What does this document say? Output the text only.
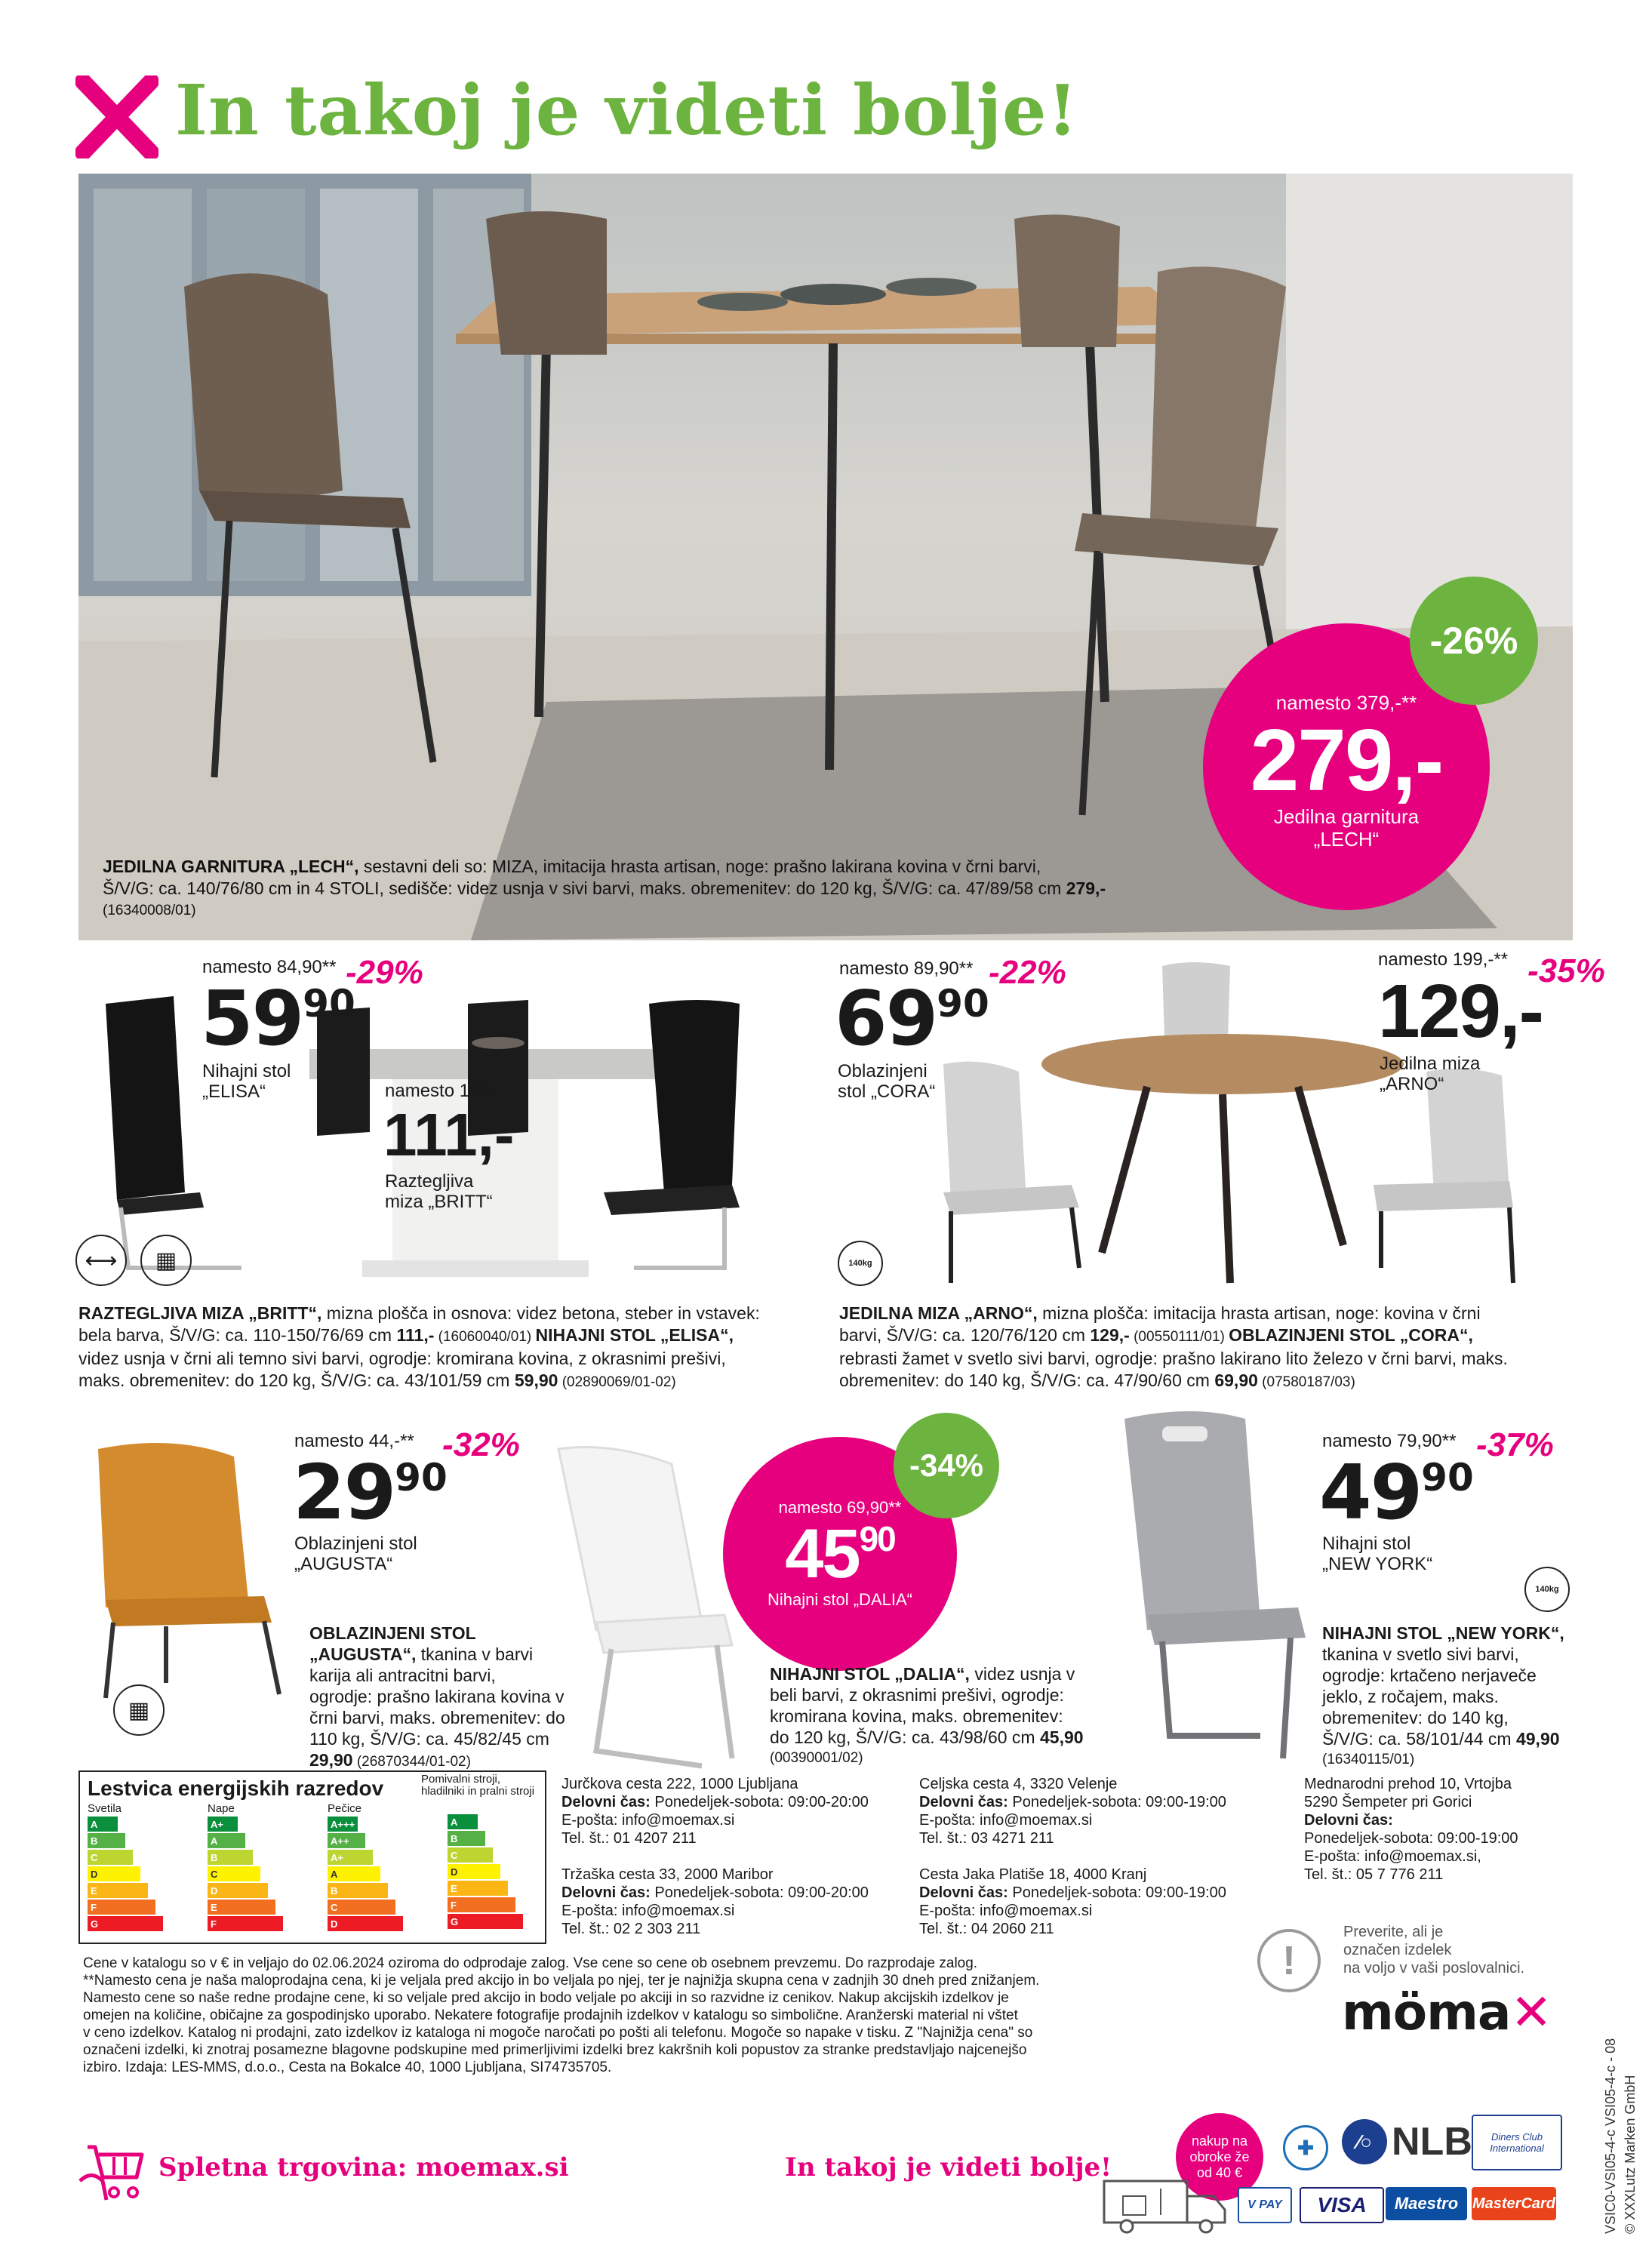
In takoj je videti bolje!
namesto 379,-**
279,-
Jedilna garnitura
„LECH“
-26%
JEDILNA GARNITURA „LECH“, sestavni deli so: MIZA, imitacija hrasta artisan, noge: prašno lakirana kovina v črni barvi,
Š/V/G: ca. 140/76/80 cm in 4 STOLI, sedišče: videz usnja v sivi barvi, maks. obremenitev: do 120 kg, Š/V/G: ca. 47/89/58 cm 279,-
(16340008/01)
namesto 84,90**
$59^{90}$
-29%
Nihajni stol
„ELISA“	namesto 169,-
111,-
Raztegljiva
miza „BRITT“
⟷	▦
RAZTEGLJIVA MIZA „BRITT“, mizna plošča in osnova: videz betona, steber in vstavek:
bela barva, Š/V/G: ca. 110-150/76/69 cm 111,- (16060040/01) NIHAJNI STOL „ELISA“,
videz usnja v črni ali temno sivi barvi, ogrodje: kromirana kovina, z okrasnimi prešivi,
maks. obremenitev: do 120 kg, Š/V/G: ca. 43/101/59 cm 59,90 (02890069/01-02)
namesto 89,90**
$69^{90}$
-22%
Oblazinjeni
stol „CORA“
namesto 199,-**
129,-
-35%
Jedilna miza
„ARNO“
140kg
JEDILNA MIZA „ARNO“, mizna plošča: imitacija hrasta artisan, noge: kovina v črni
barvi, Š/V/G: ca. 120/76/120 cm 129,- (00550111/01) OBLAZINJENI STOL „CORA“,
rebrasti žamet v svetlo sivi barvi, ogrodje: prašno lakirano lito železo v črni barvi, maks.
obremenitev: do 140 kg, Š/V/G: ca. 47/90/60 cm 69,90 (07580187/03)
▦
namesto 44,-**
$29^{90}$
-32%
Oblazinjeni stol
„AUGUSTA“
OBLAZINJENI STOL
„AUGUSTA“, tkanina v barvi
karija ali antracitni barvi,
ogrodje: prašno lakirana kovina v
črni barvi, maks. obremenitev: do
110 kg, Š/V/G: ca. 45/82/45 cm
29,90 (26870344/01-02)
namesto 69,90**
$45^{90}$
Nihajni stol „DALIA“
-34%
NIHAJNI STOL „DALIA“, videz usnja v
beli barvi, z okrasnimi prešivi, ogrodje:
kromirana kovina, maks. obremenitev:
do 120 kg, Š/V/G: ca. 43/98/60 cm 45,90
(00390001/02)
namesto 79,90**
$49^{90}$
-37%
Nihajni stol
„NEW YORK“
140kg
NIHAJNI STOL „NEW YORK“,
tkanina v svetlo sivi barvi,
ogrodje: krtačeno nerjaveče
jeklo, z ročajem, maks.
obremenitev: do 140 kg,
Š/V/G: ca. 58/101/44 cm 49,90
(16340115/01)
Lestvica energijskih razredov	Pomivalni stroji, hladilniki in pralni stroji
Svetila
A
B
C
D
E
F
G
Nape
A+
A
B
C
D
E
F
Pečice
A+++
A++
A+
A
B
C
D
A
B
C
D
E
F
G
Jurčkova cesta 222, 1000 Ljubljana
Delovni čas: Ponedeljek-sobota: 09:00-20:00
E-pošta: info@moemax.si
Tel. št.: 01 4207 211
Celjska cesta 4, 3320 Velenje
Delovni čas: Ponedeljek-sobota: 09:00-19:00
E-pošta: info@moemax.si
Tel. št.: 03 4271 211
Tržaška cesta 33, 2000 Maribor
Delovni čas: Ponedeljek-sobota: 09:00-20:00
E-pošta: info@moemax.si
Tel. št.: 02 2 303 211
Cesta Jaka Platiše 18, 4000 Kranj
Delovni čas: Ponedeljek-sobota: 09:00-19:00
E-pošta: info@moemax.si
Tel. št.: 04 2060 211
Mednarodni prehod 10, Vrtojba
5290 Šempeter pri Gorici
Delovni čas:
Ponedeljek-sobota: 09:00-19:00
E-pošta: info@moemax.si,
Tel. št.: 05 7 776 211
Cene v katalogu so v € in veljajo do 02.06.2024 oziroma do odprodaje zalog. Vse cene so cene ob osebnem prevzemu. Do razprodaje zalog.
**Namesto cena je naša maloprodajna cena, ki je veljala pred akcijo in bo veljala po njej, ter je najnižja skupna cena v zadnjih 30 dneh pred znižanjem.
Namesto cene so naše redne prodajne cene, ki so veljale pred akcijo in bodo veljale po akciji in so razvidne iz cenikov. Nakup akcijskih izdelkov je
omejen na količine, običajne za gospodinjsko uporabo. Nekatere fotografije prodajnih izdelkov v katalogu so simbolične. Aranžerski material ni vštet
v ceno izdelkov. Katalog ni prodajni, zato izdelkov iz kataloga ni mogoče naročati po pošti ali telefonu. Mogoče so napake v tisku. Z "Najnižja cena" so
označeni izdelki, ki znotraj posamezne blagovne podskupine med primerljivimi izdelki brez kakršnih koli popustov za stranke predstavljajo najcenejšo
izbiro. Izdaja: LES-MMS, d.o.o., Cesta na Bokalce 40, 1000 Ljubljana, SI74735705.
!
Preverite, ali je
označen izdelek
na voljo v vaši poslovalnici.
möma✕
nakup na
obroke že
od 40 €
✚	∕○ NLB	Diners Club International
V PAY	VISA	Maestro MasterCard	VSIC0-VSI05-4-c VSI05-4-c - 08 © XXXLutz Marken GmbH
Spletna trgovina: moemax.si	In takoj je videti bolje!
